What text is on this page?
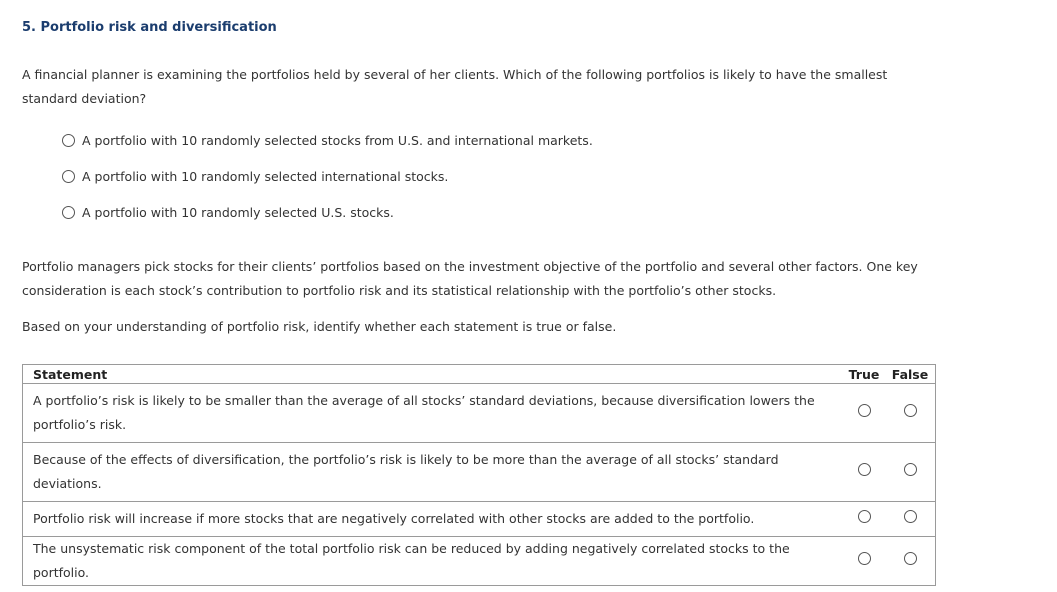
5. Portfolio risk and diversification
A financial planner is examining the portfolios held by several of her clients. Which of the following portfolios is likely to have the smallest standard deviation?
A portfolio with 10 randomly selected stocks from U.S. and international markets.
A portfolio with 10 randomly selected international stocks.
A portfolio with 10 randomly selected U.S. stocks.
Portfolio managers pick stocks for their clients’ portfolios based on the investment objective of the portfolio and several other factors. One key consideration is each stock’s contribution to portfolio risk and its statistical relationship with the portfolio’s other stocks.
Based on your understanding of portfolio risk, identify whether each statement is true or false.
Statement	True	False
A portfolio’s risk is likely to be smaller than the average of all stocks’ standard deviations, because diversification lowers the portfolio’s risk.		
Because of the effects of diversification, the portfolio’s risk is likely to be more than the average of all stocks’ standard deviations.		
Portfolio risk will increase if more stocks that are negatively correlated with other stocks are added to the portfolio.		
The unsystematic risk component of the total portfolio risk can be reduced by adding negatively correlated stocks to the portfolio.		
